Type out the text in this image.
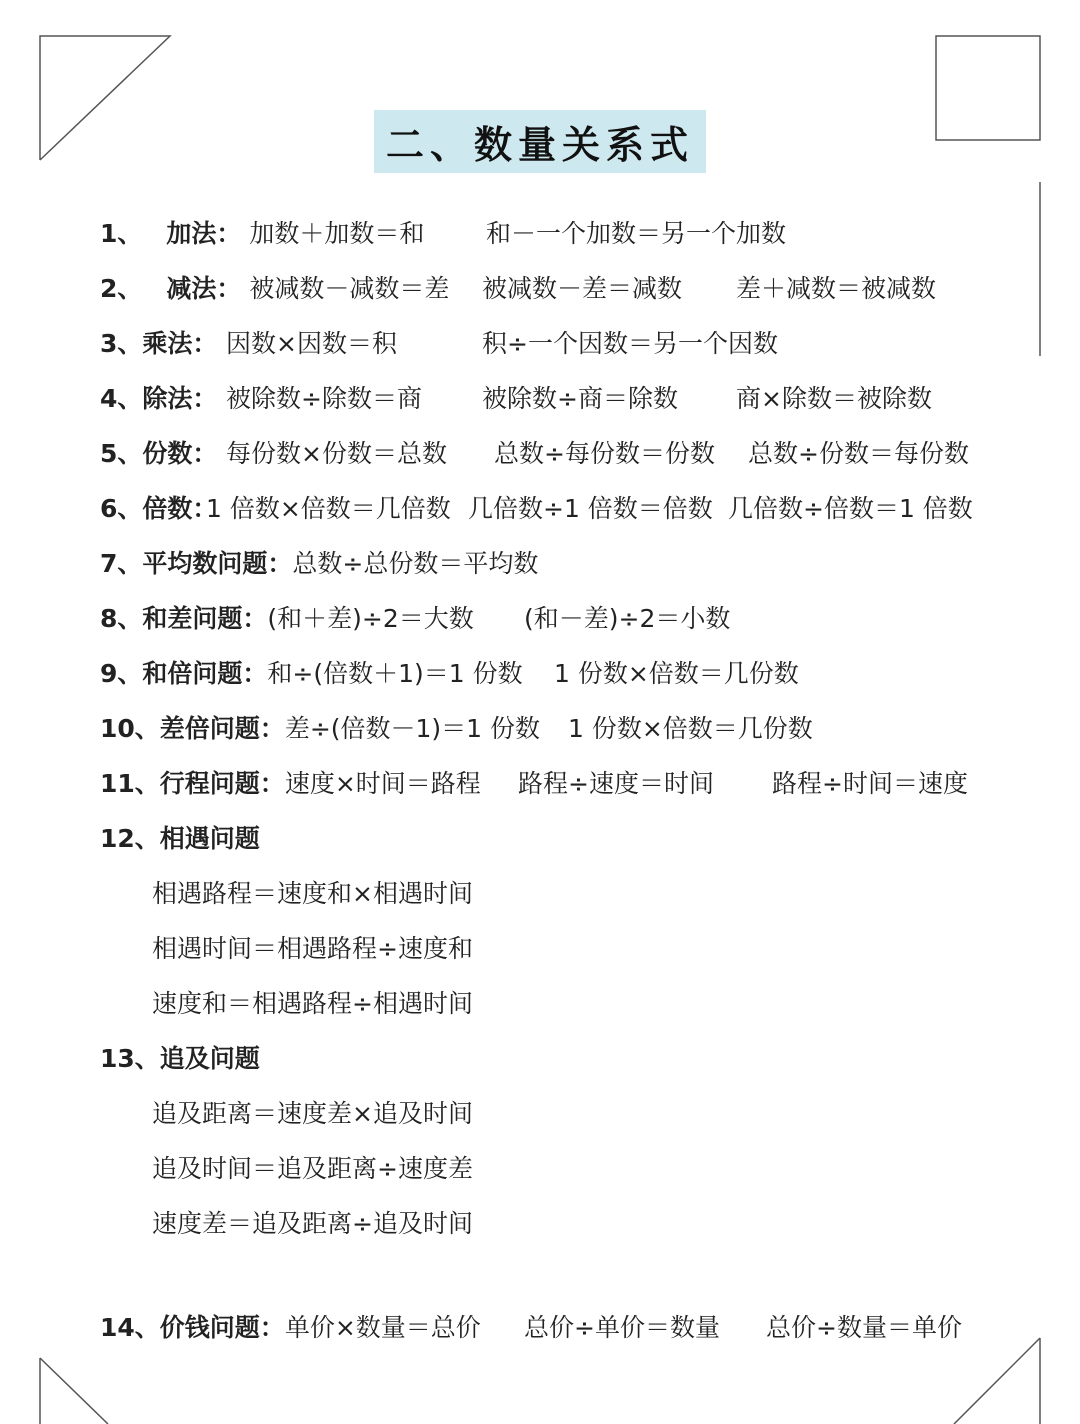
二、数量关系式
1、 加法：	和－一个加数＝另一个加数
加数＋加数＝和
2、 减法： 被减数－减数＝差 被减数－差＝减数 差＋减数＝被减数
3、乘法： 因数×因数＝积	积÷一个因数＝另一个因数
4、除法： 被除数÷除数＝商 被除数÷商＝除数 商×除数＝被除数
5、份数： 每份数×份数＝总数 总数÷每份数＝份数 总数÷份数＝每份数
6、倍数：
1 倍数×倍数＝几倍数 几倍数÷1 倍数＝倍数 几倍数÷倍数＝1 倍数
7、平均数问题：总数÷总份数＝平均数
8、和差问题：(和＋差)÷2＝大数 (和－差)÷2＝小数
9、和倍问题：和÷(倍数＋1)＝1 份数 1 份数×倍数＝几份数
10、差倍问题：差÷(倍数－1)＝1 份数 1 份数×倍数＝几份数
11、行程问题：速度×时间＝路程 路程÷速度＝时间 路程÷时间＝速度
12、相遇问题
相遇路程＝速度和×相遇时间
相遇时间＝相遇路程÷速度和
速度和＝相遇路程÷相遇时间
13、追及问题
追及距离＝速度差×追及时间
追及时间＝追及距离÷速度差
速度差＝追及距离÷追及时间
14、价钱问题：单价×数量＝总价 总价÷单价＝数量 总价÷数量＝单价
